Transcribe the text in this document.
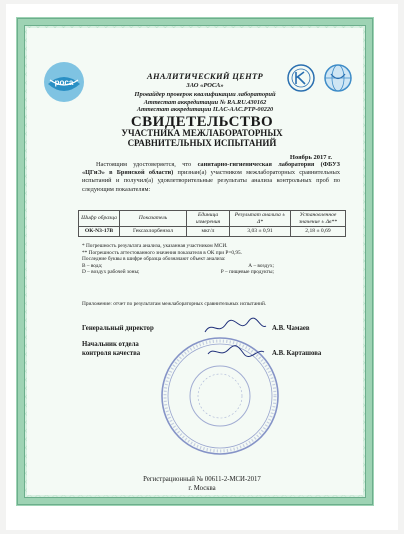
роса
АНАЛИТИЧЕСКИЙ ЦЕНТР
ЗАО «РОСА»
Провайдер проверок квалификации лабораторий
Аттестат аккредитации № RA.RU.430162
Аттестат аккредитации ILAC-AAC.PTP-00220
СВИДЕТЕЛЬСТВО
УЧАСТНИКА МЕЖЛАБОРАТОРНЫХ
СРАВНИТЕЛЬНЫХ ИСПЫТАНИЙ
Ноябрь 2017 г.
Настоящим удостоверяется, что санитарно-гигиеническая лаборатория (ФБУЗ «ЦГиЭ» в Брянской области) признан(а) участником межлабораторных сравнительных испытаний и получил(а) удовлетворительные результаты анализа контрольных проб по следующим показателям:
Шифр образца	Показатель	Единица измерения	Результат анализа ± Δ*	Установленное значение ± Δв**
ОК-N3-17В	Гексахлорбензол	мкг/л	3,03 ± 0,91	2,18 ± 0,69
* Погрешность результата анализа, указанная участником МСИ.
** Погрешность аттестованного значения показателя в ОК при Р=0,95.
Последние буквы в шифре образца обозначают объект анализа:
В – вода;	А – воздух;
D – воздух рабочей зоны;	Р – пищевые продукты;
Приложение: отчет по результатам межлабораторных сравнительных испытаний.
Генеральный директор	А.В. Чамаев
Начальник отдела
контроля качества	А.В. Карташова
Регистрационный № 00611-2-МСИ-2017
г. Москва
